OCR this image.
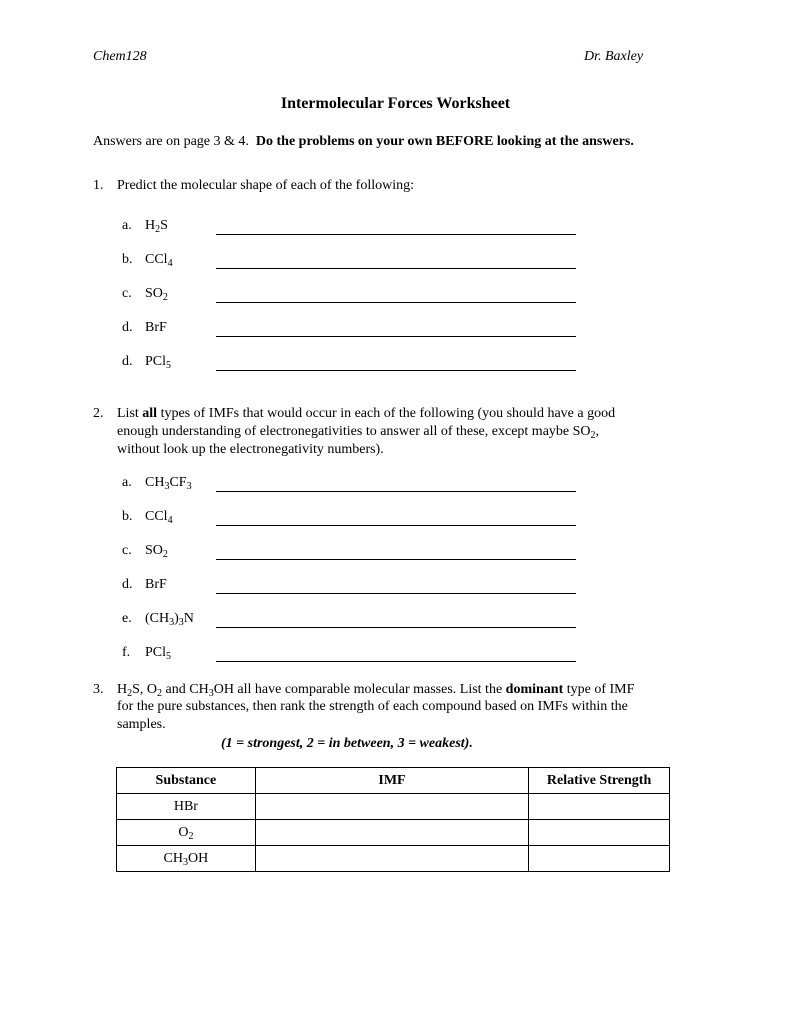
Chem128	Dr. Baxley
Intermolecular Forces Worksheet
Answers are on page 3 & 4. Do the problems on your own BEFORE looking at the answers.
1. Predict the molecular shape of each of the following:
a. $H_2S$
b. CCl$_4$
c. $SO_2$
d. BrF
d. PCl$_5$
2. List all types of IMFs that would occur in each of the following (you should have a good
enough understanding of electronegativities to answer all of these, except maybe $SO_2$,
without look up the electronegativity numbers).
a. $CH_3CF_3$
b. CCl$_4$
c. $SO_2$
d. BrF
e. $(CH_3)_3N$
f. PCl$_5$
3. $H_2S$, $O_2$ and $CH_3OH$ all have comparable molecular masses. List the dominant type of IMF
for the pure substances, then rank the strength of each compound based on IMFs within the
samples.
(1 = strongest, 2 = in between, 3 = weakest).
Substance	IMF	Relative Strength
HBr		
$O_2$		
$CH_3OH$		
